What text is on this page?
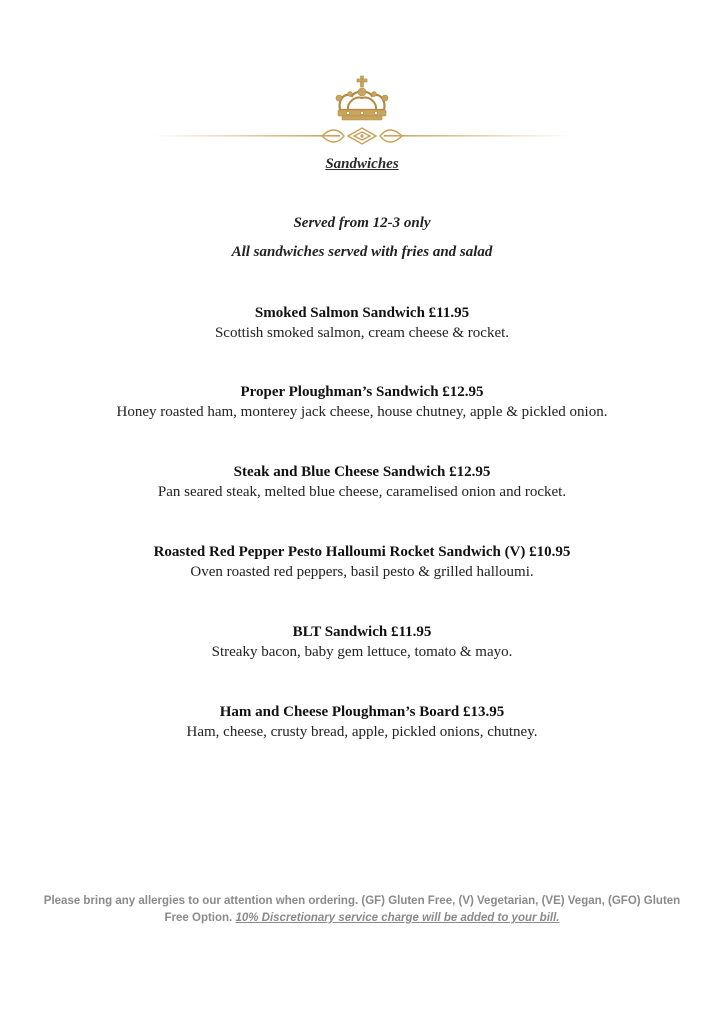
Sandwiches
Served from 12-3 only
All sandwiches served with fries and salad
Smoked Salmon Sandwich £11.95
Scottish smoked salmon, cream cheese & rocket.
Proper Ploughman’s Sandwich £12.95
Honey roasted ham, monterey jack cheese, house chutney, apple & pickled onion.
Steak and Blue Cheese Sandwich £12.95
Pan seared steak, melted blue cheese, caramelised onion and rocket.
Roasted Red Pepper Pesto Halloumi Rocket Sandwich (V) £10.95
Oven roasted red peppers, basil pesto & grilled halloumi.
BLT Sandwich £11.95
Streaky bacon, baby gem lettuce, tomato & mayo.
Ham and Cheese Ploughman’s Board £13.95
Ham, cheese, crusty bread, apple, pickled onions, chutney.
Please bring any allergies to our attention when ordering. (GF) Gluten Free, (V) Vegetarian, (VE) Vegan, (GFO) Gluten Free Option. 10% Discretionary service charge will be added to your bill.
